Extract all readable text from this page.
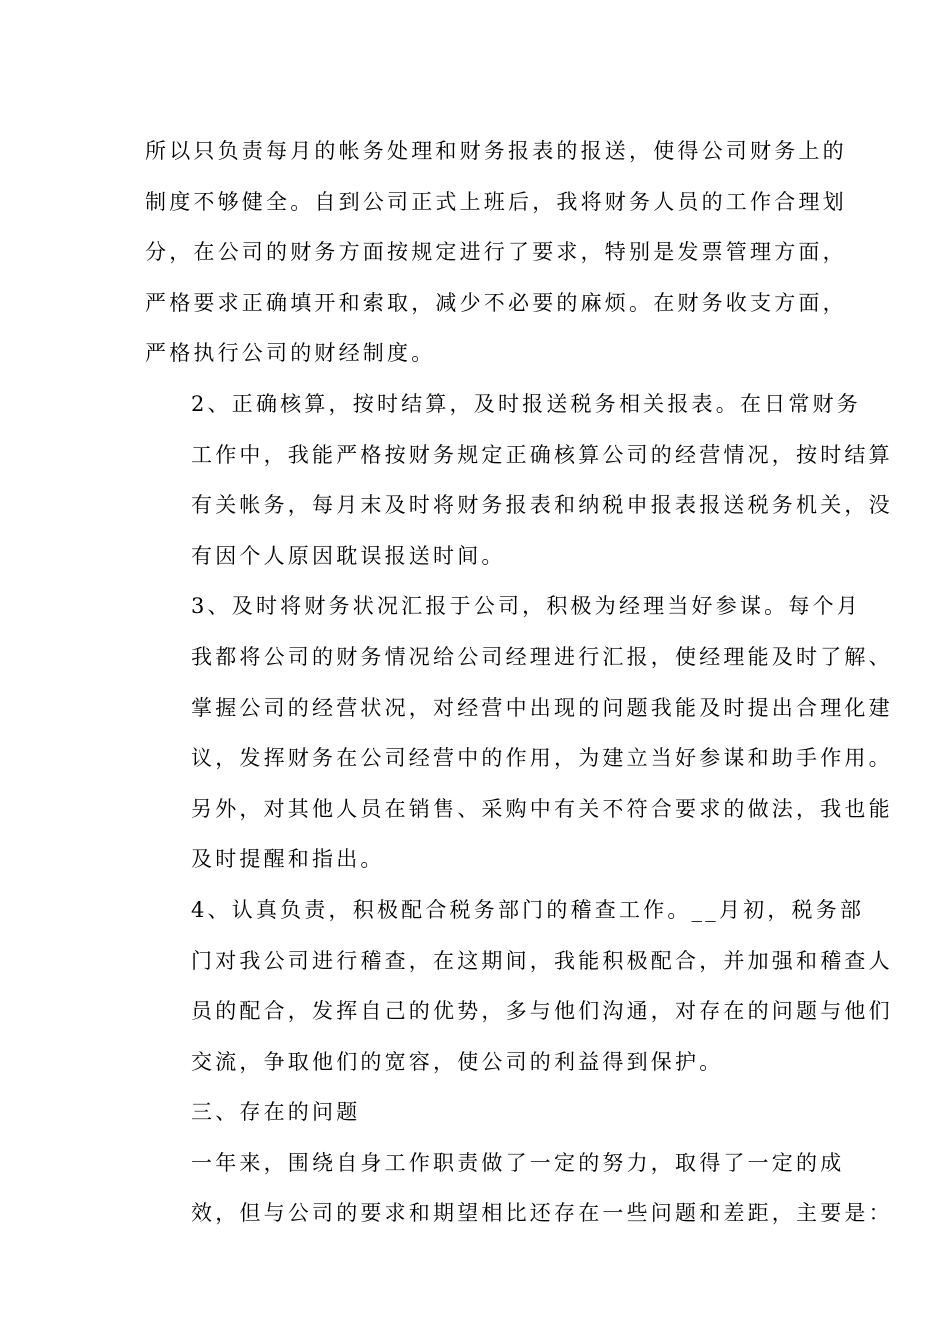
所以只负责每月的帐务处理和财务报表的报送，使得公司财务上的
制度不够健全。自到公司正式上班后，我将财务人员的工作合理划
分，在公司的财务方面按规定进行了要求，特别是发票管理方面，
严格要求正确填开和索取，减少不必要的麻烦。在财务收支方面，
严格执行公司的财经制度。

2、正确核算，按时结算，及时报送税务相关报表。在日常财务
工作中，我能严格按财务规定正确核算公司的经营情况，按时结算
有关帐务，每月末及时将财务报表和纳税申报表报送税务机关，没
有因个人原因耽误报送时间。

3、及时将财务状况汇报于公司，积极为经理当好参谋。每个月
我都将公司的财务情况给公司经理进行汇报，使经理能及时了解、
掌握公司的经营状况，对经营中出现的问题我能及时提出合理化建
议，发挥财务在公司经营中的作用，为建立当好参谋和助手作用。
另外，对其他人员在销售、采购中有关不符合要求的做法，我也能
及时提醒和指出。

4、认真负责，积极配合税务部门的稽查工作。__月初，税务部
门对我公司进行稽查，在这期间，我能积极配合，并加强和稽查人
员的配合，发挥自己的优势，多与他们沟通，对存在的问题与他们
交流，争取他们的宽容，使公司的利益得到保护。

三、存在的问题

一年来，围绕自身工作职责做了一定的努力，取得了一定的成
效，但与公司的要求和期望相比还存在一些问题和差距，主要是：
